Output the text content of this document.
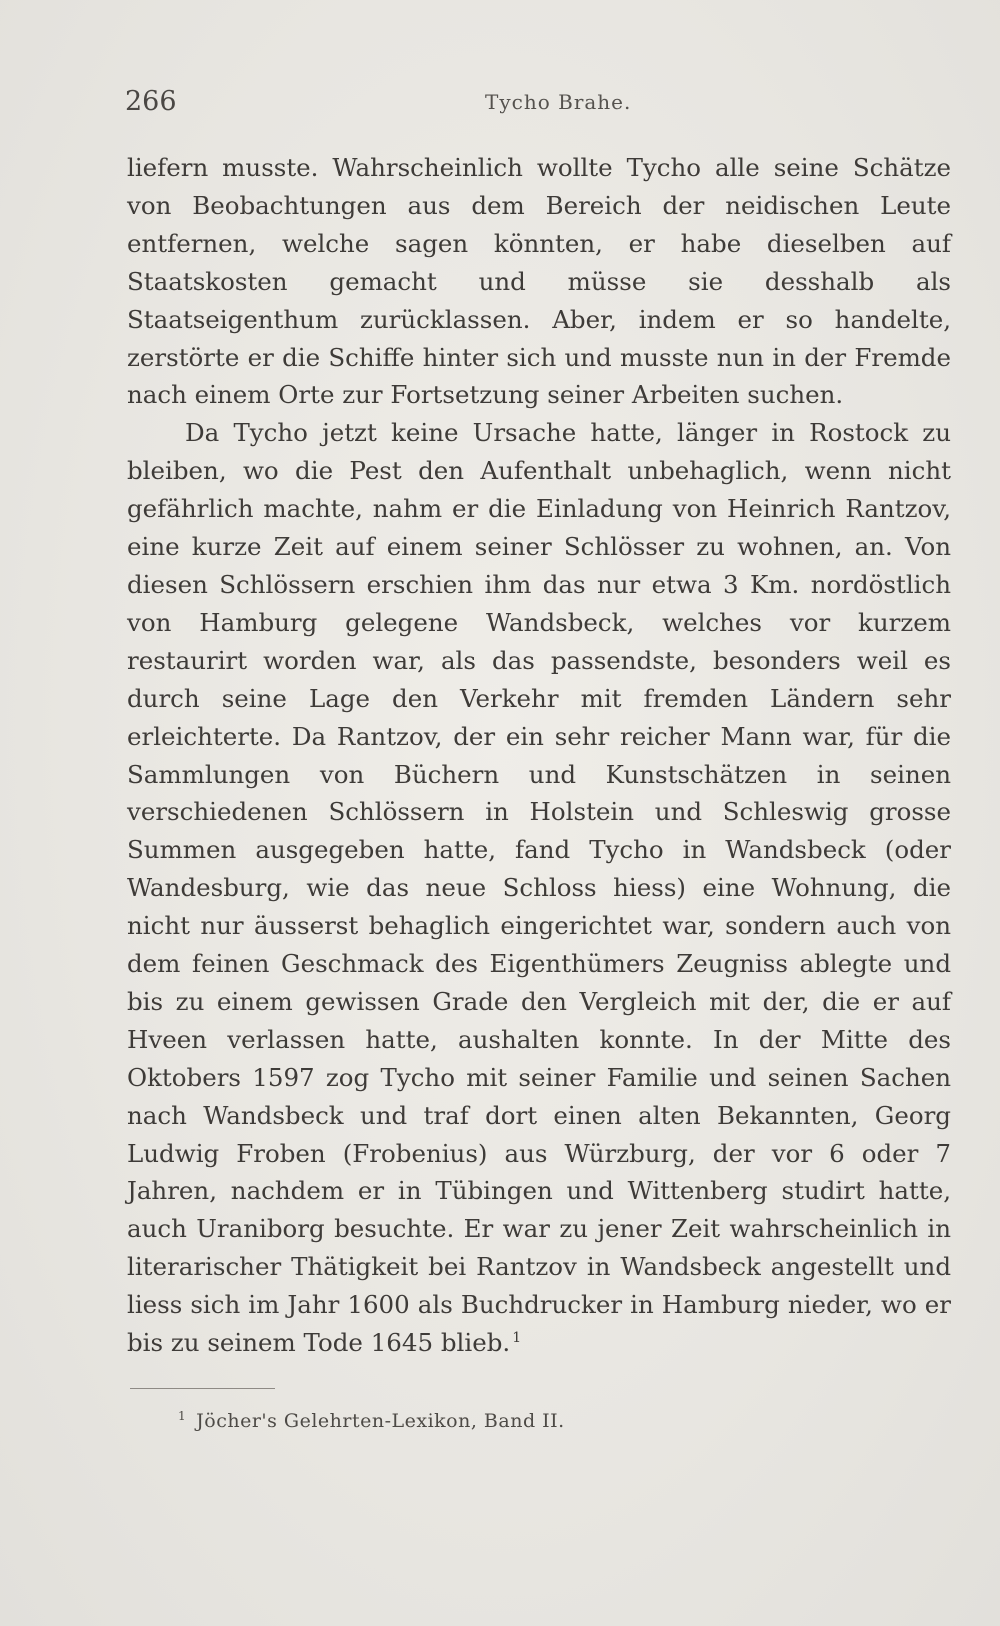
266	Tycho Brahe.

liefern musste. Wahrscheinlich wollte Tycho alle seine Schätze von Beobachtungen aus dem Bereich der neidischen Leute entfernen, welche sagen könnten, er habe dieselben auf Staatskosten gemacht und müsse sie desshalb als Staatseigenthum zurücklassen. Aber, indem er so handelte, zerstörte er die Schiffe hinter sich und musste nun in der Fremde nach einem Orte zur Fortsetzung seiner Arbeiten suchen.

Da Tycho jetzt keine Ursache hatte, länger in Rostock zu bleiben, wo die Pest den Aufenthalt unbehaglich, wenn nicht gefährlich machte, nahm er die Einladung von Heinrich Rantzov, eine kurze Zeit auf einem seiner Schlösser zu wohnen, an. Von diesen Schlössern erschien ihm das nur etwa 3 Km. nordöstlich von Hamburg gelegene Wandsbeck, welches vor kurzem restaurirt worden war, als das passendste, besonders weil es durch seine Lage den Verkehr mit fremden Ländern sehr erleichterte. Da Rantzov, der ein sehr reicher Mann war, für die Sammlungen von Büchern und Kunstschätzen in seinen verschiedenen Schlössern in Holstein und Schleswig grosse Summen ausgegeben hatte, fand Tycho in Wandsbeck (oder Wandesburg, wie das neue Schloss hiess) eine Wohnung, die nicht nur äusserst behaglich eingerichtet war, sondern auch von dem feinen Geschmack des Eigenthümers Zeugniss ablegte und bis zu einem gewissen Grade den Vergleich mit der, die er auf Hveen verlassen hatte, aushalten konnte. In der Mitte des Oktobers 1597 zog Tycho mit seiner Familie und seinen Sachen nach Wandsbeck und traf dort einen alten Bekannten, Georg Ludwig Froben (Frobenius) aus Würzburg, der vor 6 oder 7 Jahren, nachdem er in Tübingen und Wittenberg studirt hatte, auch Uraniborg besuchte. Er war zu jener Zeit wahrscheinlich in literarischer Thätigkeit bei Rantzov in Wandsbeck angestellt und liess sich im Jahr 1600 als Buchdrucker in Hamburg nieder, wo er bis zu seinem Tode 1645 blieb. $^1$

$^1$ Jöcher's Gelehrten-Lexikon, Band II.
